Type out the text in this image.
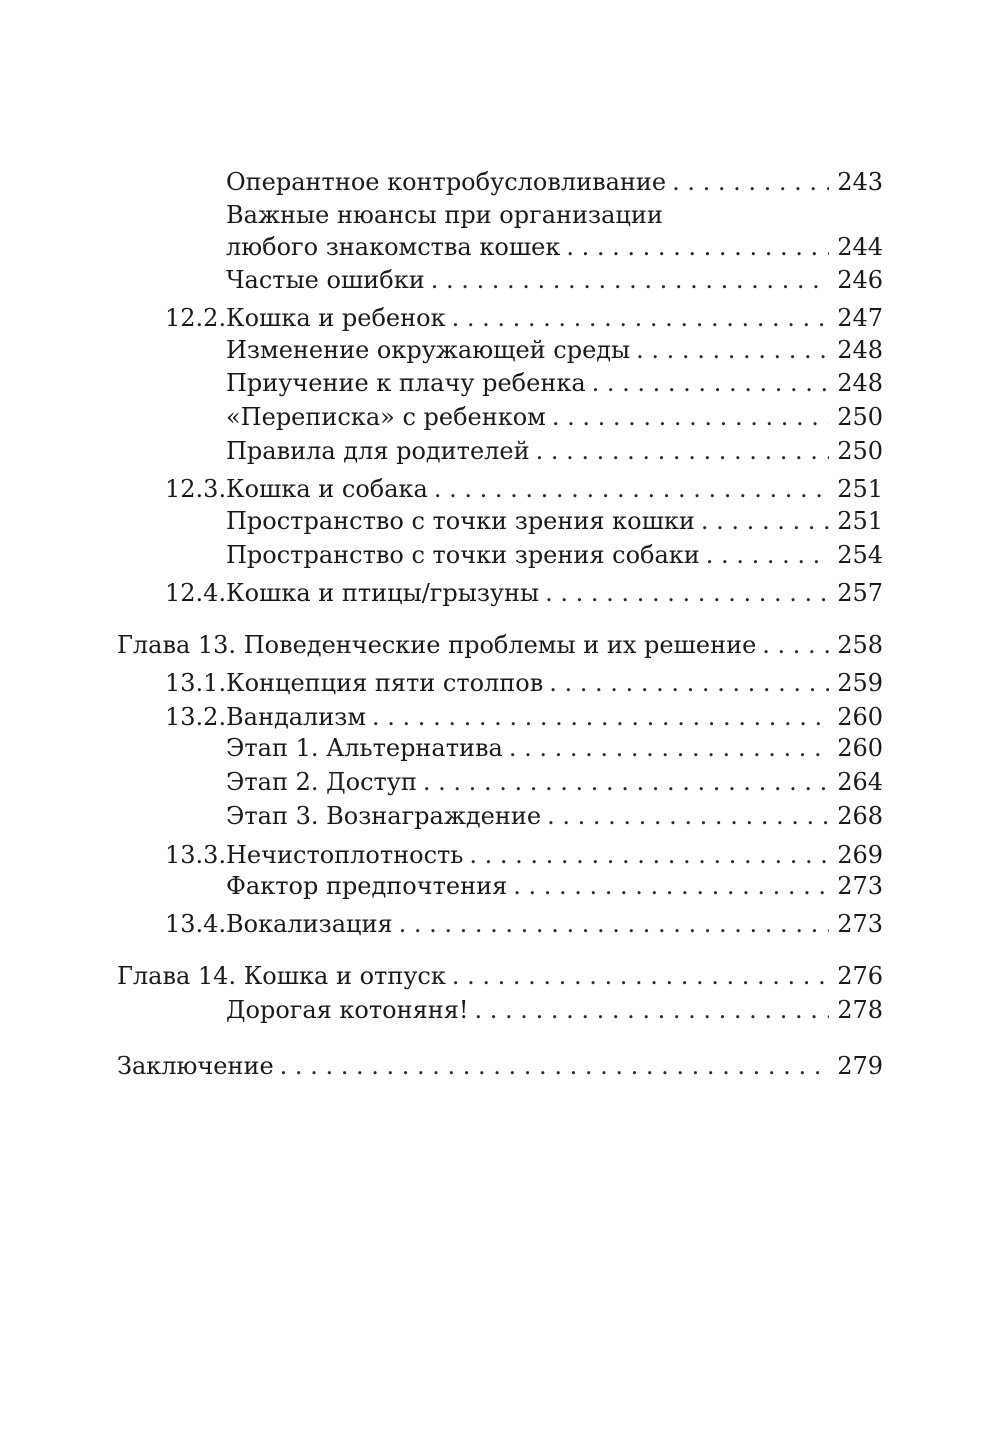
Оперантное контробусловливание . . .	243
Важные нюансы при организации
любого знакомства кошек . . .	244
Частые ошибки . . .	246
12.2. Кошка и ребенок . . .	247
Изменение окружающей среды . . .	248
Приучение к плачу ребенка . . .	248
«Переписка» с ребенком . . .	250
Правила для родителей . . .	250
12.3. Кошка и собака . . .	251
Пространство с точки зрения кошки . . .	251
Пространство с точки зрения собаки . . .	254
12.4. Кошка и птицы/грызуны . . .	257
Глава 13. Поведенческие проблемы и их решение . . .	258
13.1. Концепция пяти столпов . . .	259
13.2. Вандализм . . .	260
Этап 1. Альтернатива . . .	260
Этап 2. Доступ . . .	264
Этап 3. Вознаграждение . . .	268
13.3. Нечистоплотность . . .	269
Фактор предпочтения . . .	273
13.4. Вокализация . . .	273
Глава 14. Кошка и отпуск . . .	276
Дорогая котоняня! . . .	278
Заключение . . .	279
